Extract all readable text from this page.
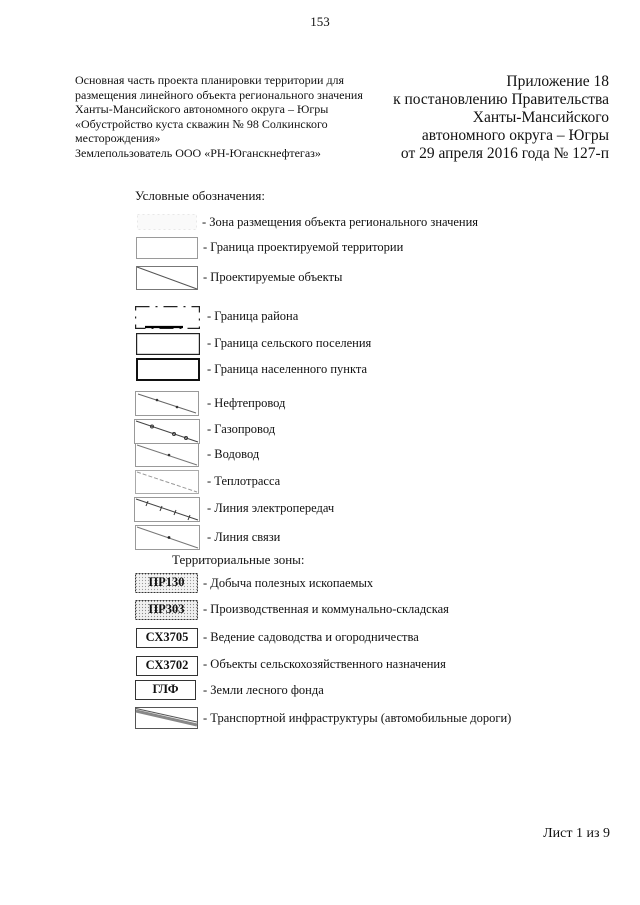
153
Основная часть проекта планировки территории для
размещения линейного объекта регионального значения
Ханты-Мансийского автономного округа – Югры
«Обустройство куста скважин № 98 Солкинского
месторождения»
Землепользователь ООО «РН-Юганскнефтегаз»
Приложение 18
к постановлению Правительства
Ханты-Мансийского
автономного округа – Югры
от 29 апреля 2016 года № 127-п
Условные обозначения:
- Зона размещения объекта регионального значения
- Граница проектируемой территории
- Проектируемые объекты
- Граница района
- Граница сельского поселения
- Граница населенного пункта
- Нефтепровод
- Газопровод
- Водовод
- Теплотрасса
- Линия электропередач
- Линия связи
Территориальные зоны:
ПР130	- Добыча полезных ископаемых
ПР303	- Производственная и коммунально-складская
СХ3705	- Ведение садоводства и огородничества
СХ3702	- Объекты сельскохозяйственного назначения
ГЛФ	- Земли лесного фонда
- Транспортной инфраструктуры (автомобильные дороги)
Лист 1 из 9
